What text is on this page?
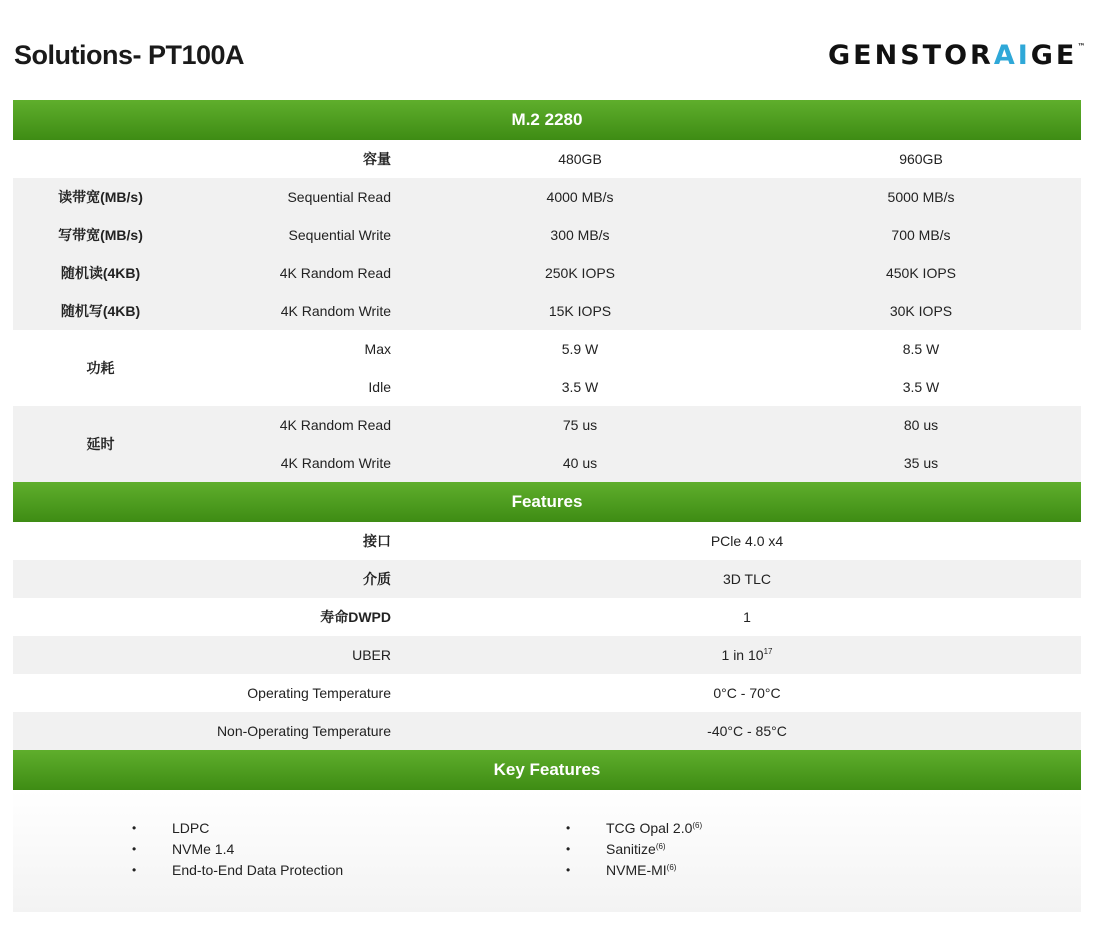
Solutions- PT100A	GENSTORAIGE™
M.2 2280
容量	480GB	960GB
读带宽(MB/s)	Sequential Read	4000 MB/s	5000 MB/s
写带宽(MB/s)	Sequential Write	300 MB/s	700 MB/s
随机读(4KB)	4K Random Read	250K IOPS	450K IOPS
随机写(4KB)	4K Random Write	15K IOPS	30K IOPS
功耗
Max	5.9 W	8.5 W
Idle	3.5 W	3.5 W
延时
4K Random Read	75 us	80 us
4K Random Write	40 us	35 us
Features
接口	PCle 4.0 x4
介质	3D TLC
寿命DWPD	1
UBER	1 in $10^{17}$
Operating Temperature	0°C - 70°C
Non-Operating Temperature	-40°C - 85°C
Key Features
• LDPC
• NVMe 1.4
• End-to-End Data Protection
• TCG Opal 2.0$^{(6)}$
• Sanitize$^{(6)}$
• NVME-MI$^{(6)}$
